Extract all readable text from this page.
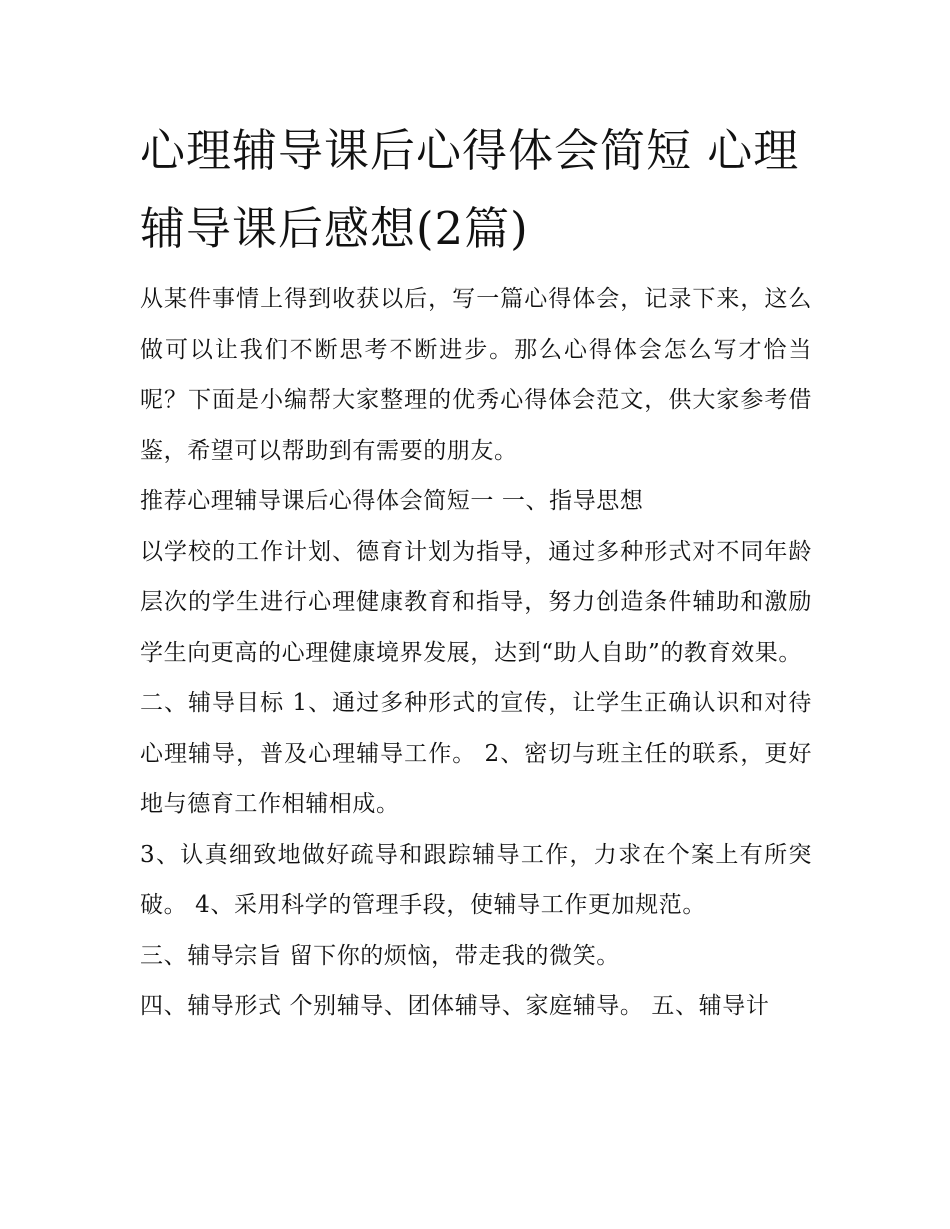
心理辅导课后心得体会简短 心理辅导课后感想(2篇)

从某件事情上得到收获以后，写一篇心得体会，记录下来，这么做可以让我们不断思考不断进步。那么心得体会怎么写才恰当呢？下面是小编帮大家整理的优秀心得体会范文，供大家参考借鉴，希望可以帮助到有需要的朋友。

推荐心理辅导课后心得体会简短一 一、指导思想

以学校的工作计划、德育计划为指导，通过多种形式对不同年龄层次的学生进行心理健康教育和指导，努力创造条件辅助和激励学生向更高的心理健康境界发展，达到“助人自助”的教育效果。

二、辅导目标 1、通过多种形式的宣传，让学生正确认识和对待心理辅导，普及心理辅导工作。 2、密切与班主任的联系，更好地与德育工作相辅相成。

3、认真细致地做好疏导和跟踪辅导工作，力求在个案上有所突破。 4、采用科学的管理手段，使辅导工作更加规范。

三、辅导宗旨 留下你的烦恼，带走我的微笑。

四、辅导形式 个别辅导、团体辅导、家庭辅导。 五、辅导计
